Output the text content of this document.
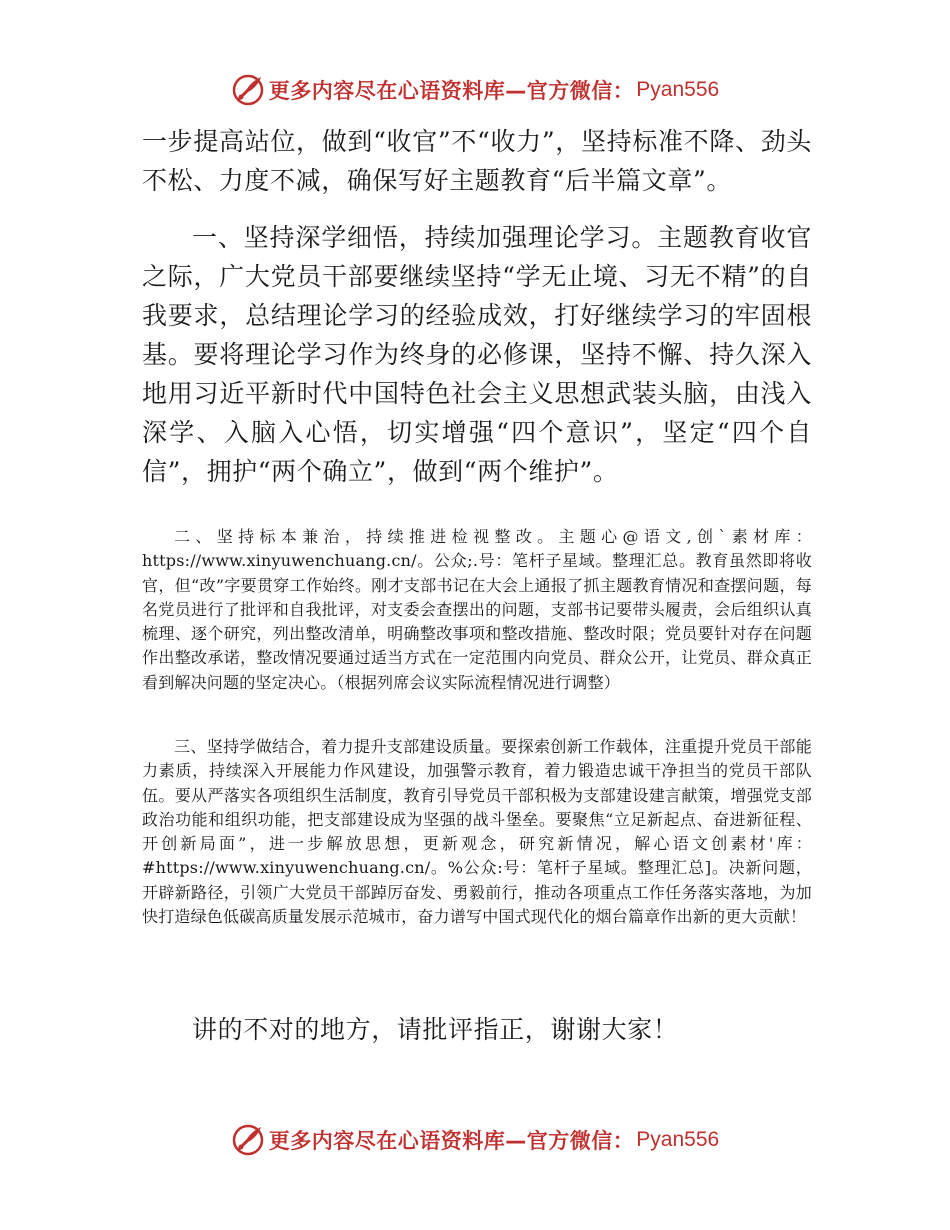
更多内容尽在心语资料库—官方微信： Pyan556

一步提高站位，做到“收官”不“收力”，坚持标准不降、劲头不松、力度不减，确保写好主题教育“后半篇文章”。

一、坚持深学细悟，持续加强理论学习。主题教育收官之际，广大党员干部要继续坚持“学无止境、习无不精”的自我要求，总结理论学习的经验成效，打好继续学习的牢固根基。要将理论学习作为终身的必修课，坚持不懈、持久深入地用习近平新时代中国特色社会主义思想武装头脑，由浅入深学、入脑入心悟，切实增强“四个意识”，坚定“四个自信”，拥护“两个确立”，做到“两个维护”。

二、坚持标本兼治，持续推进检视整改。主题心@语文,创`素材库：https://www.xinyuwenchuang.cn/。公众;.号：笔杆子星域。整理汇总。教育虽然即将收官，但“改”字要贯穿工作始终。刚才支部书记在大会上通报了抓主题教育情况和查摆问题，每名党员进行了批评和自我批评，对支委会查摆出的问题，支部书记要带头履责，会后组织认真梳理、逐个研究，列出整改清单，明确整改事项和整改措施、整改时限；党员要针对存在问题作出整改承诺，整改情况要通过适当方式在一定范围内向党员、群众公开，让党员、群众真正看到解决问题的坚定决心。（根据列席会议实际流程情况进行调整）

三、坚持学做结合，着力提升支部建设质量。要探索创新工作载体，注重提升党员干部能力素质，持续深入开展能力作风建设，加强警示教育，着力锻造忠诚干净担当的党员干部队伍。要从严落实各项组织生活制度，教育引导党员干部积极为支部建设建言献策，增强党支部政治功能和组织功能，把支部建设成为坚强的战斗堡垒。要聚焦“立足新起点、奋进新征程、开创新局面”，进一步解放思想，更新观念，研究新情况，解心语文创素材'库：#https://www.xinyuwenchuang.cn/。%公众:号：笔杆子星域。整理汇总]。决新问题，开辟新路径，引领广大党员干部踔厉奋发、勇毅前行，推动各项重点工作任务落实落地，为加快打造绿色低碳高质量发展示范城市，奋力谱写中国式现代化的烟台篇章作出新的更大贡献！

讲的不对的地方，请批评指正，谢谢大家！

更多内容尽在心语资料库—官方微信： Pyan556
